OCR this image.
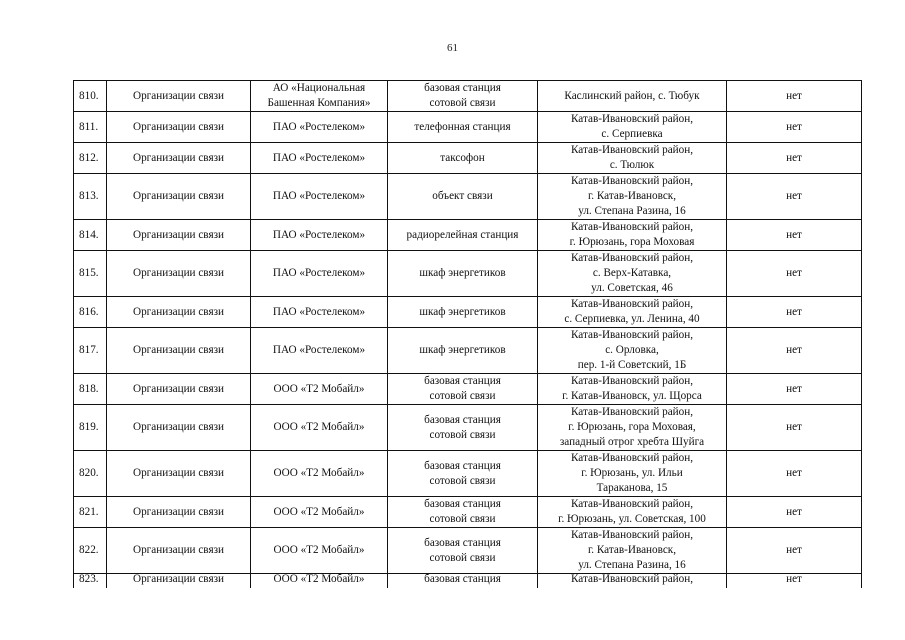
61
810.	Организации связи	АО «Национальная
Башенная Компания»	базовая станция
сотовой связи	Каслинский район, с. Тюбук	нет
811.	Организации связи	ПАО «Ростелеком»	телефонная станция	Катав-Ивановский район,
с. Серпиевка	нет
812.	Организации связи	ПАО «Ростелеком»	таксофон	Катав-Ивановский район,
с. Тюлюк	нет
813.	Организации связи	ПАО «Ростелеком»	объект связи	Катав-Ивановский район,
г. Катав-Ивановск,
ул. Степана Разина, 16	нет
814.	Организации связи	ПАО «Ростелеком»	радиорелейная станция	Катав-Ивановский район,
г. Юрюзань, гора Моховая	нет
815.	Организации связи	ПАО «Ростелеком»	шкаф энергетиков	Катав-Ивановский район,
с. Верх-Катавка,
ул. Советская, 46	нет
816.	Организации связи	ПАО «Ростелеком»	шкаф энергетиков	Катав-Ивановский район,
с. Серпиевка, ул. Ленина, 40	нет
817.	Организации связи	ПАО «Ростелеком»	шкаф энергетиков	Катав-Ивановский район,
с. Орловка,
пер. 1-й Советский, 1Б	нет
818.	Организации связи	ООО «Т2 Мобайл»	базовая станция
сотовой связи	Катав-Ивановский район,
г. Катав-Ивановск, ул. Щорса	нет
819.	Организации связи	ООО «Т2 Мобайл»	базовая станция
сотовой связи	Катав-Ивановский район,
г. Юрюзань, гора Моховая,
западный отрог хребта Шуйга	нет
820.	Организации связи	ООО «Т2 Мобайл»	базовая станция
сотовой связи	Катав-Ивановский район,
г. Юрюзань, ул. Ильи
Тараканова, 15	нет
821.	Организации связи	ООО «Т2 Мобайл»	базовая станция
сотовой связи	Катав-Ивановский район,
г. Юрюзань, ул. Советская, 100	нет
822.	Организации связи	ООО «Т2 Мобайл»	базовая станция
сотовой связи	Катав-Ивановский район,
г. Катав-Ивановск,
ул. Степана Разина, 16	нет
823.	Организации связи	ООО «Т2 Мобайл»	базовая станция	Катав-Ивановский район,	нет
